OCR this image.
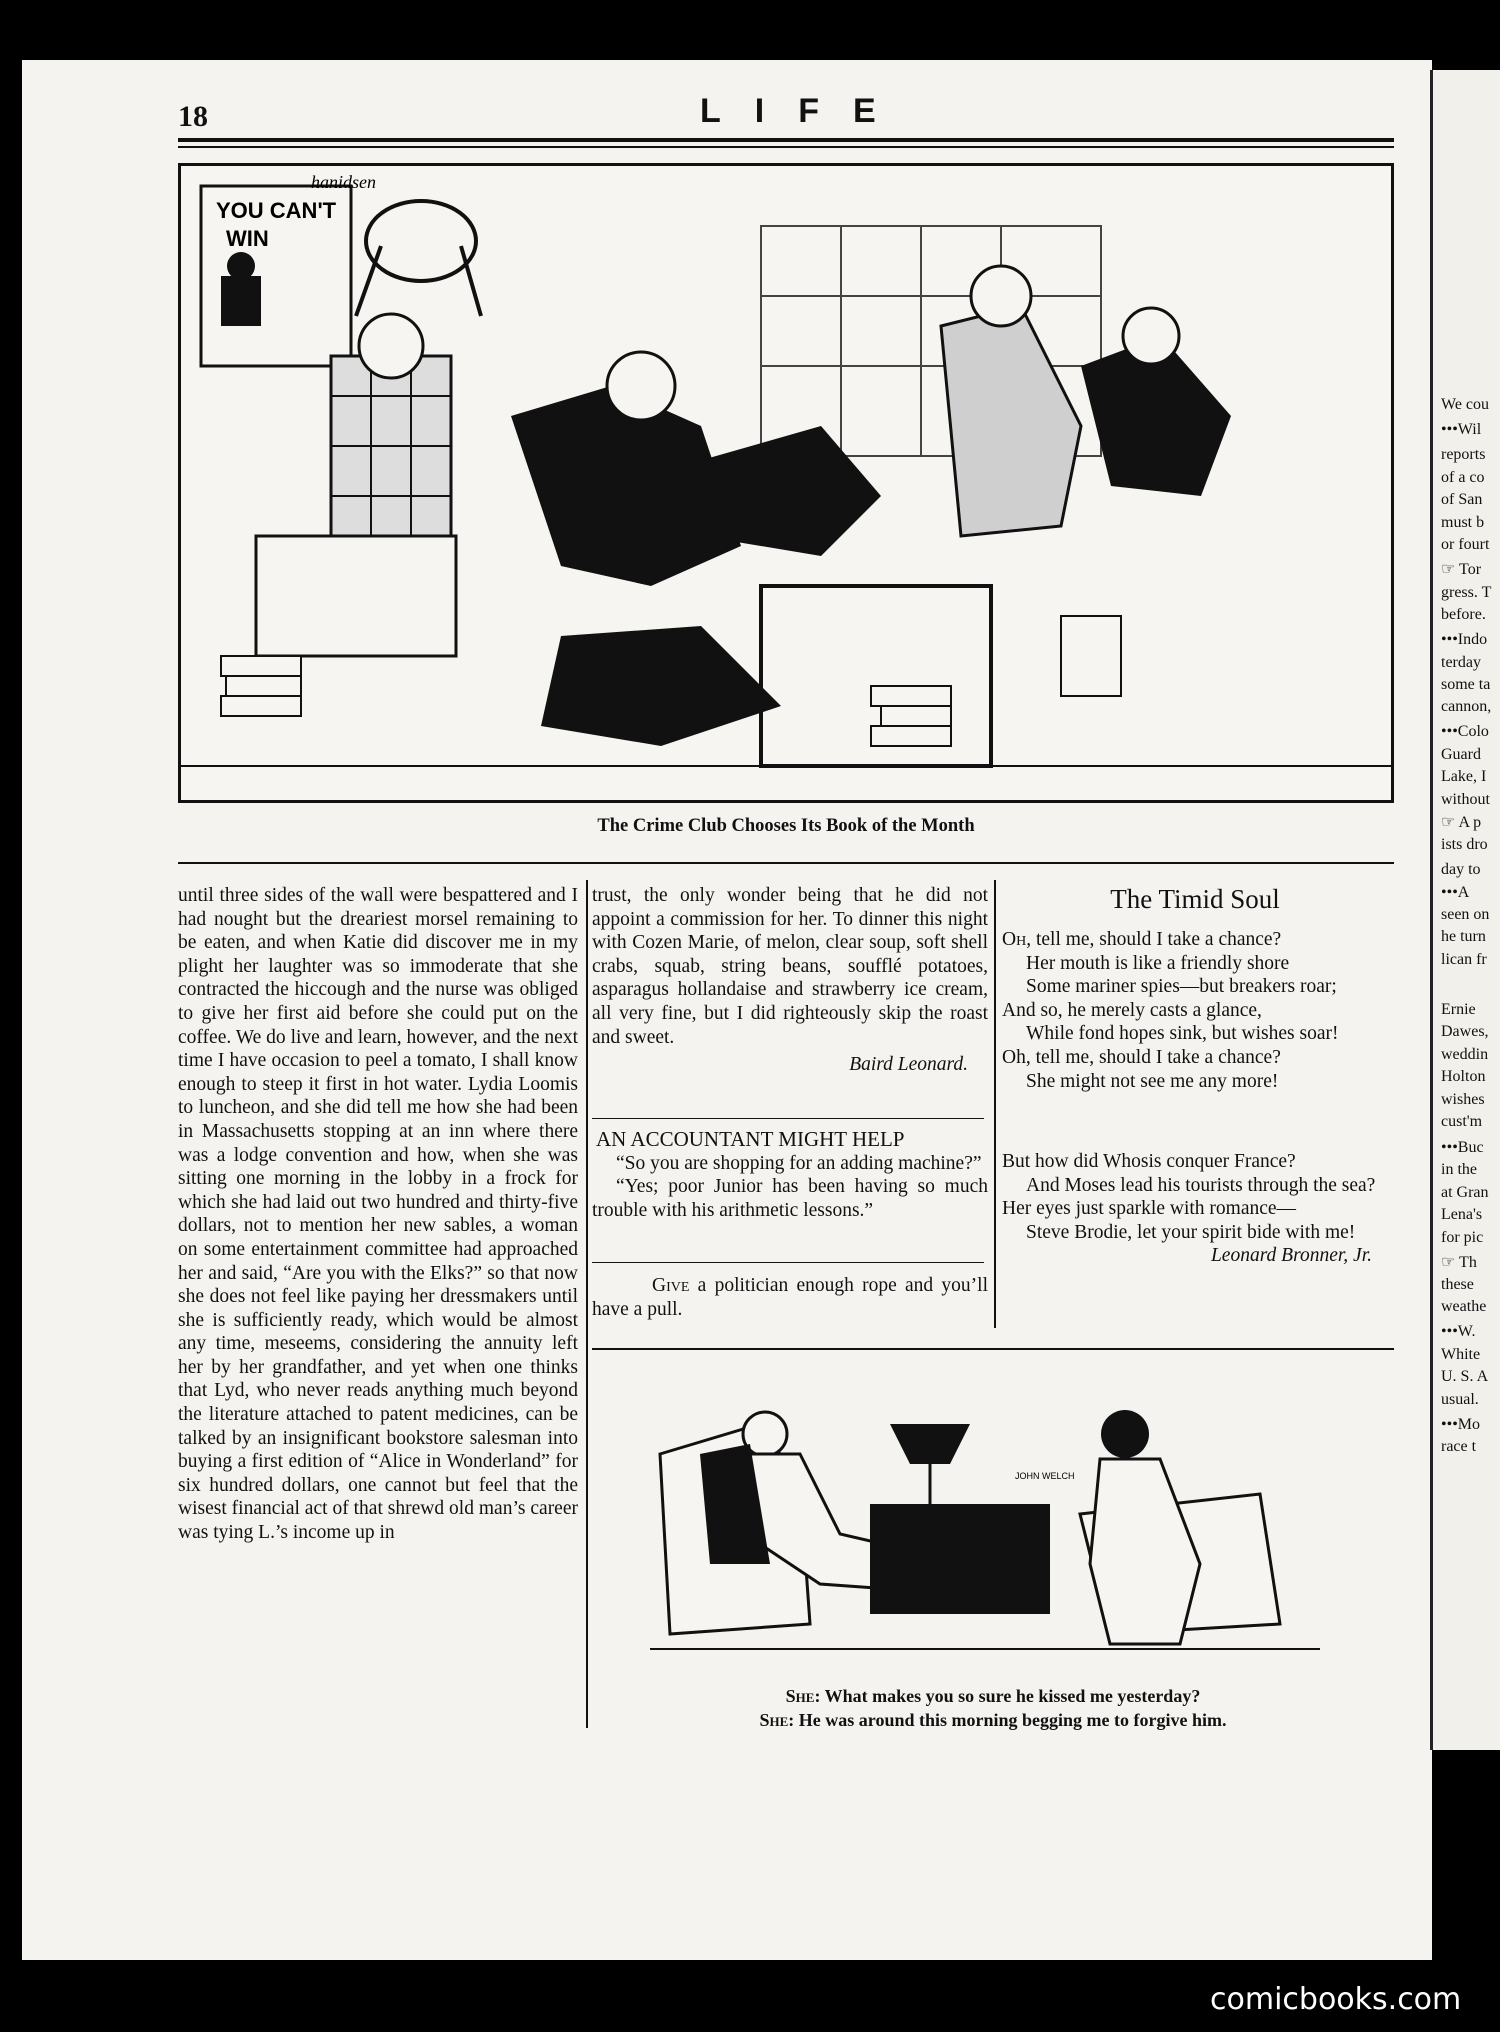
18	LIFE
YOU CAN'T
WIN
hanidsen
The Crime Club Chooses Its Book of the Month
until three sides of the wall were bespattered and I had nought but the dreariest morsel remaining to be eaten, and when Katie did discover me in my plight her laughter was so immoderate that she contracted the hiccough and the nurse was obliged to give her first aid before she could put on the coffee. We do live and learn, however, and the next time I have occasion to peel a tomato, I shall know enough to steep it first in hot water. Lydia Loomis to luncheon, and she did tell me how she had been in Massachusetts stopping at an inn where there was a lodge convention and how, when she was sitting one morning in the lobby in a frock for which she had laid out two hundred and thirty-five dollars, not to mention her new sables, a woman on some entertainment committee had approached her and said, “Are you with the Elks?” so that now she does not feel like paying her dressmakers until she is sufficiently ready, which would be almost any time, meseems, considering the annuity left her by her grandfather, and yet when one thinks that Lyd, who never reads anything much beyond the literature attached to patent medicines, can be talked by an insignificant bookstore salesman into buying a first edition of “Alice in Wonderland” for six hundred dollars, one cannot but feel that the wisest financial act of that shrewd old man’s career was tying L.’s income up in
trust, the only wonder being that he did not appoint a commission for her. To dinner this night with Cozen Marie, of melon, clear soup, soft shell crabs, squab, string beans, soufflé potatoes, asparagus hollandaise and strawberry ice cream, all very fine, but I did righteously skip the roast and sweet.
Baird Leonard.
AN ACCOUNTANT MIGHT HELP
“So you are shopping for an adding machine?”
“Yes; poor Junior has been having so much trouble with his arithmetic lessons.”
Give a politician enough rope and you’ll have a pull.
The Timid Soul
Oh, tell me, should I take a chance?
Her mouth is like a friendly shore
Some mariner spies—but breakers roar;
And so, he merely casts a glance,
While fond hopes sink, but wishes soar!
Oh, tell me, should I take a chance?
She might not see me any more!
But how did Whosis conquer France?
And Moses lead his tourists through the sea?
Her eyes just sparkle with romance—
Steve Brodie, let your spirit bide with me!
Leonard Bronner, Jr.
JOHN WELCH
She: What makes you so sure he kissed me yesterday?
She: He was around this morning begging me to forgive him.
We cou
•••Wil
reports
of a co
of San
must b
or fourt
☞ Tor
gress. T
before.
•••Indo
terday
some ta
cannon,
•••Colo
Guard
Lake, I
without
☞ A p
ists dro
day to
•••A
seen on
he turn
lican fr
Ernie
Dawes,
weddin
Holton
wishes
cust'm
•••Buc
in the
at Gran
Lena's
for pic
☞ Th
these
weathe
•••W.
White
U. S. A
usual.
•••Mo
race t
comicbooks.com
